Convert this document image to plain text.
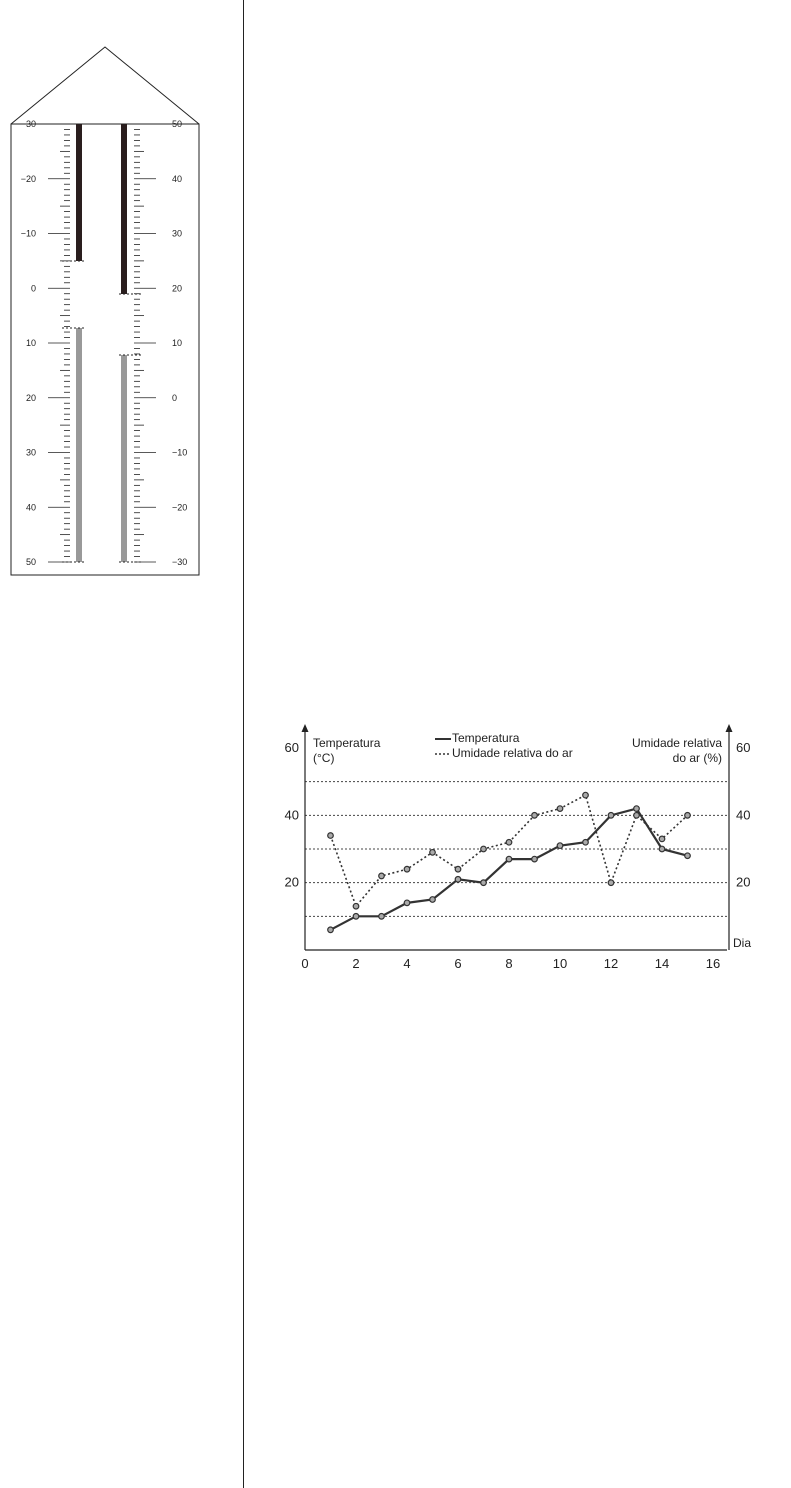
−30
−20
−10
0
10
20
30
40
50
50
40
30
20
10
0
−10
−20
−30
0	2	4	6	8	10	12	14	16
20
40
60
20
40
60
Dia
Temperatura
(°C)
Umidade relativa
do ar (%)
Temperatura
Umidade relativa do ar
